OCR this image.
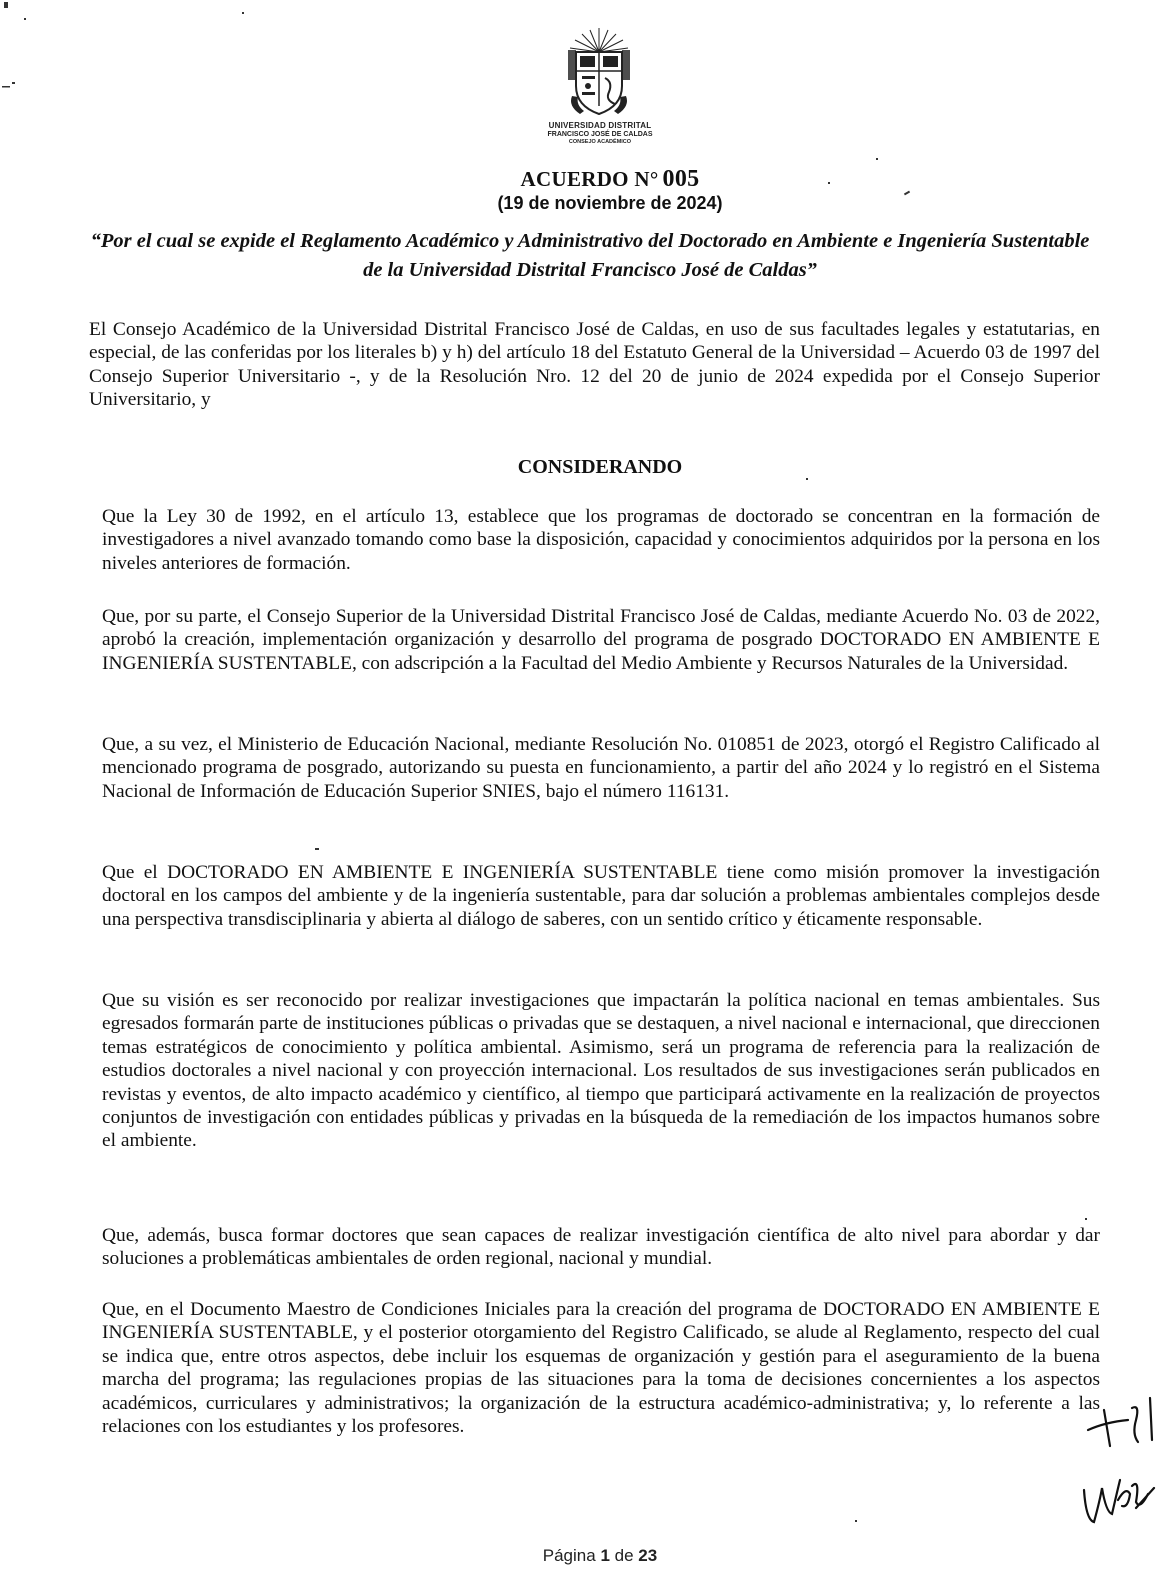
UNIVERSIDAD DISTRITAL
FRANCISCO JOSÉ DE CALDAS
CONSEJO ACADÉMICO
ACUERDO N° 005
(19 de noviembre de 2024)
“Por el cual se expide el Reglamento Académico y Administrativo del Doctorado en Ambiente e Ingeniería Sustentable de la Universidad Distrital Francisco José de Caldas”
El Consejo Académico de la Universidad Distrital Francisco José de Caldas, en uso de sus facultades legales y estatutarias, en especial, de las conferidas por los literales b) y h) del artículo 18 del Estatuto General de la Universidad – Acuerdo 03 de 1997 del Consejo Superior Universitario -, y de la Resolución Nro. 12 del 20 de junio de 2024 expedida por el Consejo Superior Universitario, y
CONSIDERANDO
Que la Ley 30 de 1992, en el artículo 13, establece que los programas de doctorado se concentran en la formación de investigadores a nivel avanzado tomando como base la disposición, capacidad y conocimientos adquiridos por la persona en los niveles anteriores de formación.
Que, por su parte, el Consejo Superior de la Universidad Distrital Francisco José de Caldas, mediante Acuerdo No. 03 de 2022, aprobó la creación, implementación organización y desarrollo del programa de posgrado DOCTORADO EN AMBIENTE E INGENIERÍA SUSTENTABLE, con adscripción a la Facultad del Medio Ambiente y Recursos Naturales de la Universidad.
Que, a su vez, el Ministerio de Educación Nacional, mediante Resolución No. 010851 de 2023, otorgó el Registro Calificado al mencionado programa de posgrado, autorizando su puesta en funcionamiento, a partir del año 2024 y lo registró en el Sistema Nacional de Información de Educación Superior SNIES, bajo el número 116131.
Que el DOCTORADO EN AMBIENTE E INGENIERÍA SUSTENTABLE tiene como misión promover la investigación doctoral en los campos del ambiente y de la ingeniería sustentable, para dar solución a problemas ambientales complejos desde una perspectiva transdisciplinaria y abierta al diálogo de saberes, con un sentido crítico y éticamente responsable.
Que su visión es ser reconocido por realizar investigaciones que impactarán la política nacional en temas ambientales. Sus egresados formarán parte de instituciones públicas o privadas que se destaquen, a nivel nacional e internacional, que direccionen temas estratégicos de conocimiento y política ambiental. Asimismo, será un programa de referencia para la realización de estudios doctorales a nivel nacional y con proyección internacional. Los resultados de sus investigaciones serán publicados en revistas y eventos, de alto impacto académico y científico, al tiempo que participará activamente en la realización de proyectos conjuntos de investigación con entidades públicas y privadas en la búsqueda de la remediación de los impactos humanos sobre el ambiente.
Que, además, busca formar doctores que sean capaces de realizar investigación científica de alto nivel para abordar y dar soluciones a problemáticas ambientales de orden regional, nacional y mundial.
Que, en el Documento Maestro de Condiciones Iniciales para la creación del programa de DOCTORADO EN AMBIENTE E INGENIERÍA SUSTENTABLE, y el posterior otorgamiento del Registro Calificado, se alude al Reglamento, respecto del cual se indica que, entre otros aspectos, debe incluir los esquemas de organización y gestión para el aseguramiento de la buena marcha del programa; las regulaciones propias de las situaciones para la toma de decisiones concernientes a los aspectos académicos, curriculares y administrativos; la organización de la estructura académico-administrativa; y, lo referente a las relaciones con los estudiantes y los profesores.
Página 1 de 23
